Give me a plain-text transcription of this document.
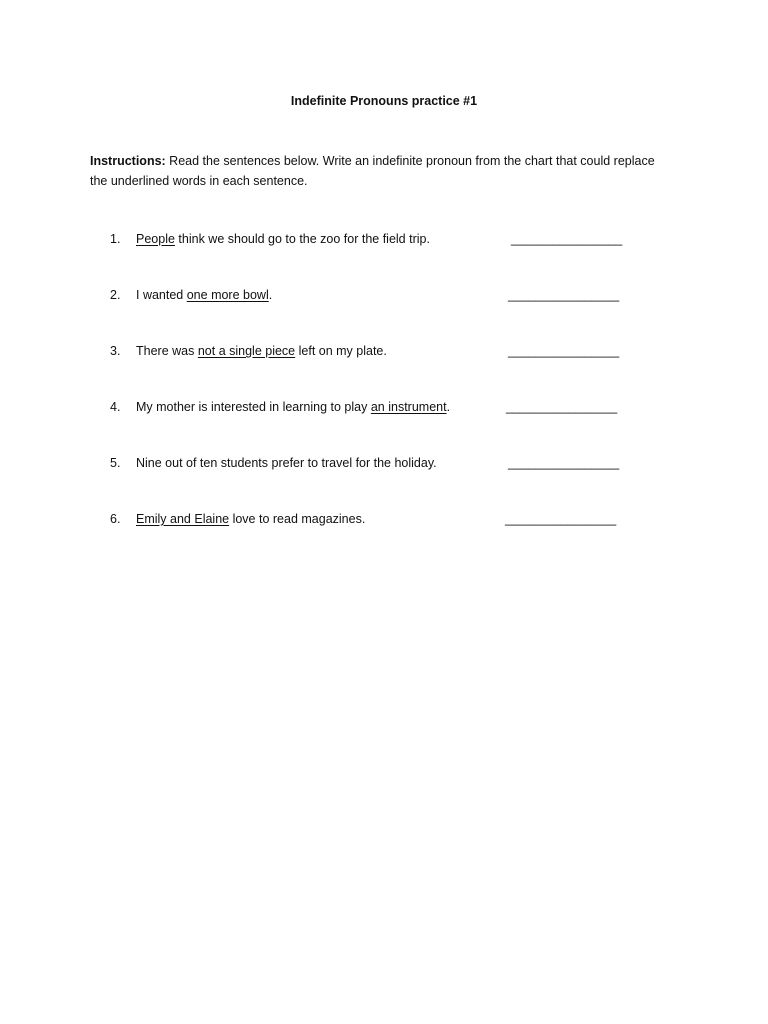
Indefinite Pronouns practice #1
Instructions: Read the sentences below. Write an indefinite pronoun from the chart that could replace
the underlined words in each sentence.
1.	People think we should go to the zoo for the field trip.	________________
2.	I wanted one more bowl.	________________
3.	There was not a single piece left on my plate.	________________
4.	My mother is interested in learning to play an instrument.	________________
5.	Nine out of ten students prefer to travel for the holiday.	________________
6.	Emily and Elaine love to read magazines.	________________
